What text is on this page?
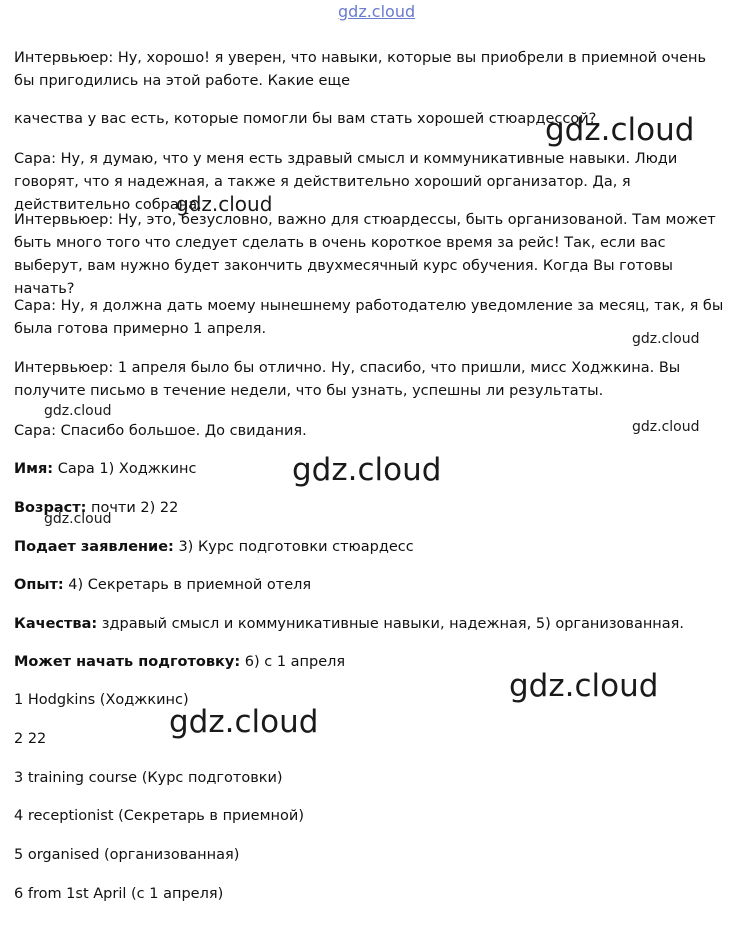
gdz.cloud

Интервьюер: Ну, хорошо! я уверен, что навыки, которые вы приобрели в приемной очень бы пригодились на этой работе. Какие еще

качества у вас есть, которые помогли бы вам стать хорошей стюардессой?

Сара: Ну, я думаю, что у меня есть здравый смысл и коммуникативные навыки. Люди говорят, что я надежная, а также я действительно хороший организатор. Да, я действительно собрана.

Интервьюер: Ну, это, безусловно, важно для стюардессы, быть организованой. Там может быть много того что следует сделать в очень короткое время за рейс! Так, если вас выберут, вам нужно будет закончить двухмесячный курс обучения. Когда Вы готовы начать?

Сара: Ну, я должна дать моему нынешнему работодателю уведомление за месяц, так, я бы была готова примерно 1 апреля.

Интервьюер: 1 апреля было бы отлично. Ну, спасибо, что пришли, мисс Ходжкина. Вы получите письмо в течение недели, что бы узнать, успешны ли результаты.

Сара: Спасибо большое. До свидания.

Имя: Сара 1) Ходжкинс

Возраст: почти 2) 22

Подает заявление: 3) Курс подготовки стюардесс

Опыт: 4) Секретарь в приемной отеля

Качества: здравый смысл и коммуникативные навыки, надежная, 5) организованная.

Может начать подготовку: 6) с 1 апреля

1 Hodgkins (Ходжкинс)

2 22

3 training course (Курс подготовки)

4 receptionist (Секретарь в приемной)

5 organised (организованная)

6 from 1st April (с 1 апреля)

gdz.cloud
gdz.cloud
gdz.cloud
gdz.cloud
gdz.cloud
gdz.cloud
gdz.cloud
gdz.cloud
gdz.cloud
